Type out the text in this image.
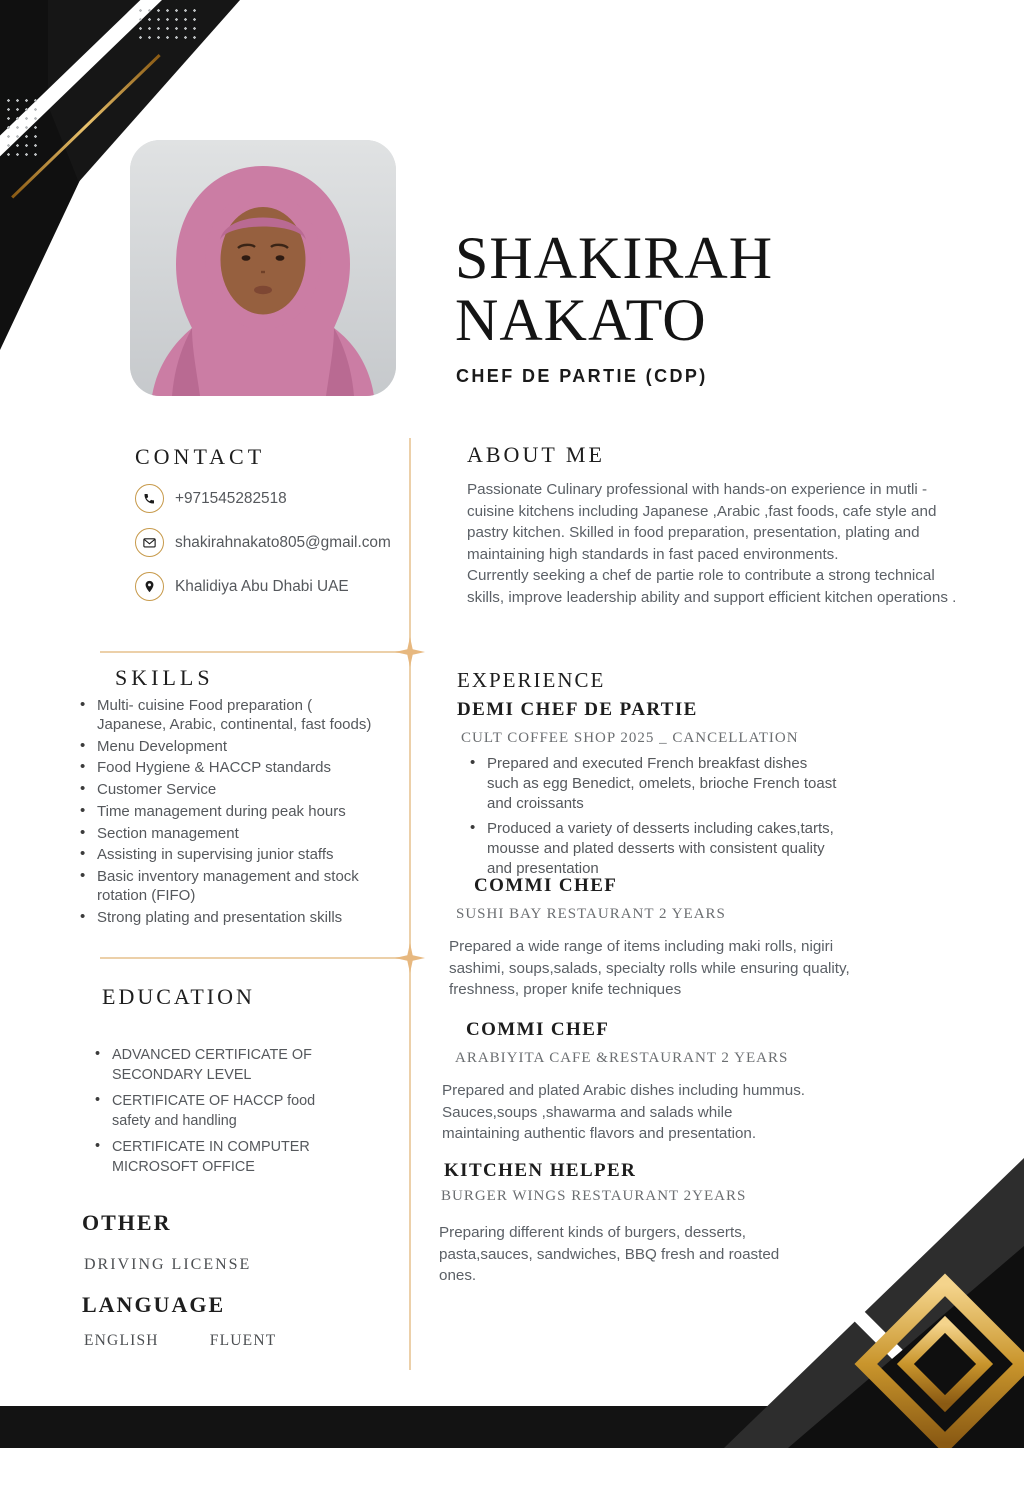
SHAKIRAH
NAKATO
CHEF DE PARTIE (CDP)
CONTACT
+971545282518
shakirahnakato805@gmail.com
Khalidiya Abu Dhabi UAE
SKILLS
• Multi- cuisine Food preparation ( Japanese, Arabic, continental, fast foods)
• Menu Development
• Food Hygiene & HACCP standards
• Customer Service
• Time management during peak hours
• Section management
• Assisting in supervising junior staffs
• Basic inventory management and stock rotation (FIFO)
• Strong plating and presentation skills
EDUCATION
• ADVANCED CERTIFICATE OF SECONDARY LEVEL
• CERTIFICATE OF HACCP food safety and handling
• CERTIFICATE IN COMPUTER MICROSOFT OFFICE
OTHER
DRIVING LICENSE
LANGUAGE
ENGLISH	FLUENT
ABOUT ME

Passionate Culinary professional with hands-on experience in mutli - cuisine kitchens including Japanese ,Arabic ,fast foods, cafe style and pastry kitchen. Skilled in food preparation, presentation, plating and maintaining high standards in fast paced environments.

Currently seeking a chef de partie role to contribute a strong technical skills, improve leadership ability and support efficient kitchen operations .

EXPERIENCE
DEMI CHEF DE PARTIE
CULT COFFEE SHOP 2025 _ CANCELLATION
• Prepared and executed French breakfast dishes such as egg Benedict, omelets, brioche French toast and croissants
• Produced a variety of desserts including cakes,tarts, mousse and plated desserts with consistent quality and presentation
COMMI CHEF
SUSHI BAY RESTAURANT 2 YEARS
Prepared a wide range of items including maki rolls, nigiri sashimi, soups,salads, specialty rolls while ensuring quality, freshness, proper knife techniques
COMMI CHEF
ARABIYITA CAFE &RESTAURANT 2 YEARS
Prepared and plated Arabic dishes including hummus. Sauces,soups ,shawarma and salads while maintaining authentic flavors and presentation.
KITCHEN HELPER
BURGER WINGS RESTAURANT 2YEARS
Preparing different kinds of burgers, desserts, pasta,sauces, sandwiches, BBQ fresh and roasted ones.
